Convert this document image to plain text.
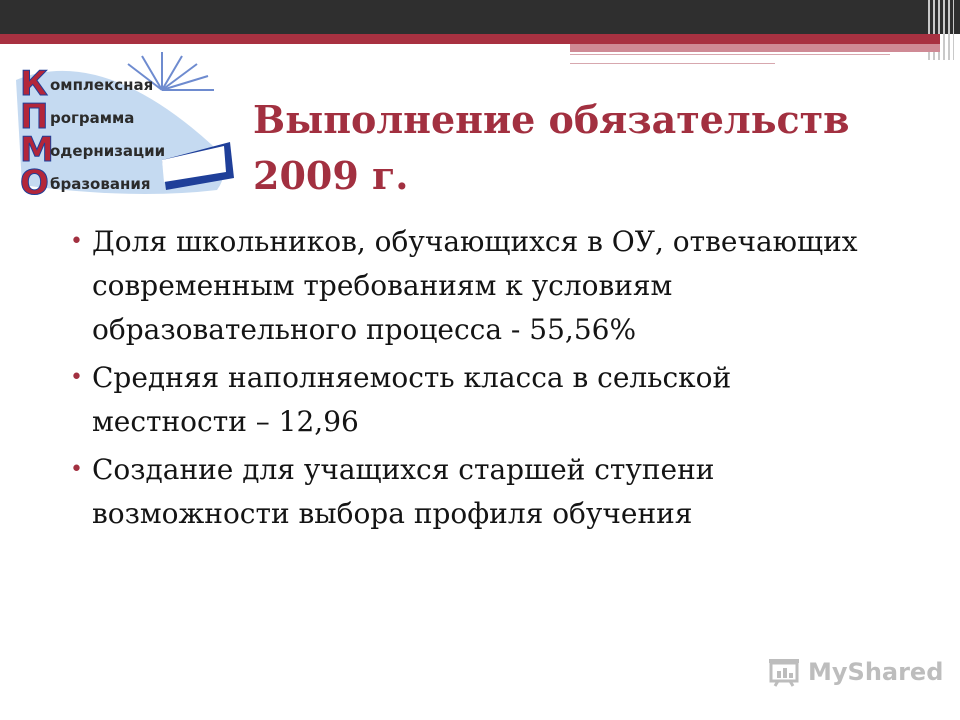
К
П
М
О
омплексная
рограмма
одернизации
бразования
Выполнение обязательств
2009 г.
• Доля школьников, обучающихся в ОУ, отвечающих современным требованиям к условиям образовательного процесса - 55,56%
• Средняя наполняемость класса в сельской местности – 12,96
• Создание для учащихся старшей ступени возможности выбора профиля обучения
MyShared
